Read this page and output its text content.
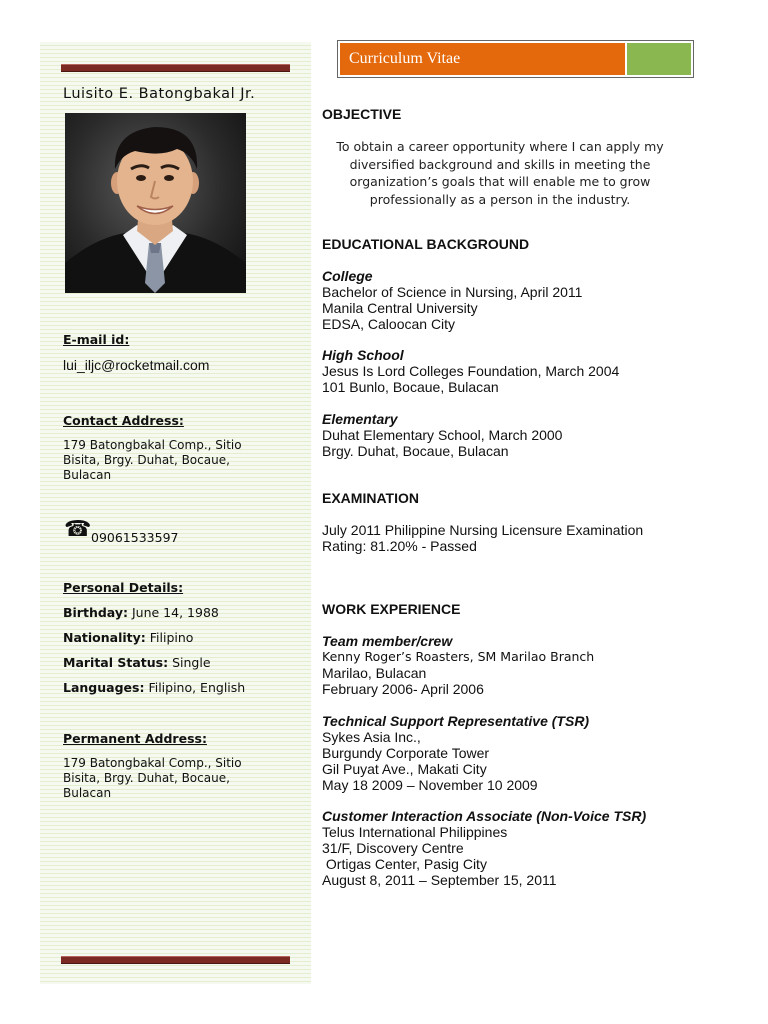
Curriculum Vitae
Luisito E. Batongbakal Jr.
E-mail id:
lui_iljc@rocketmail.com
Contact Address:
179 Batongbakal Comp., Sitio Bisita, Brgy. Duhat, Bocaue, Bulacan
☎ 09061533597
Personal Details:
Birthday: June 14, 1988
Nationality: Filipino
Marital Status: Single
Languages: Filipino, English
Permanent Address:
179 Batongbakal Comp., Sitio Bisita, Brgy. Duhat, Bocaue, Bulacan
OBJECTIVE
To obtain a career opportunity where I can apply my diversified background and skills in meeting the organization’s goals that will enable me to grow professionally as a person in the industry.
EDUCATIONAL BACKGROUND
College
Bachelor of Science in Nursing, April 2011
Manila Central University
EDSA, Caloocan City
High School
Jesus Is Lord Colleges Foundation, March 2004
101 Bunlo, Bocaue, Bulacan
Elementary
Duhat Elementary School, March 2000
Brgy. Duhat, Bocaue, Bulacan
EXAMINATION
July 2011 Philippine Nursing Licensure Examination
Rating: 81.20% - Passed
WORK EXPERIENCE
Team member/crew
Kenny Roger’s Roasters, SM Marilao Branch
Marilao, Bulacan
February 2006- April 2006
Technical Support Representative (TSR)
Sykes Asia Inc.,
Burgundy Corporate Tower
Gil Puyat Ave., Makati City
May 18 2009 – November 10 2009
Customer Interaction Associate (Non-Voice TSR)
Telus International Philippines
31/F, Discovery Centre
Ortigas Center, Pasig City
August 8, 2011 – September 15, 2011
